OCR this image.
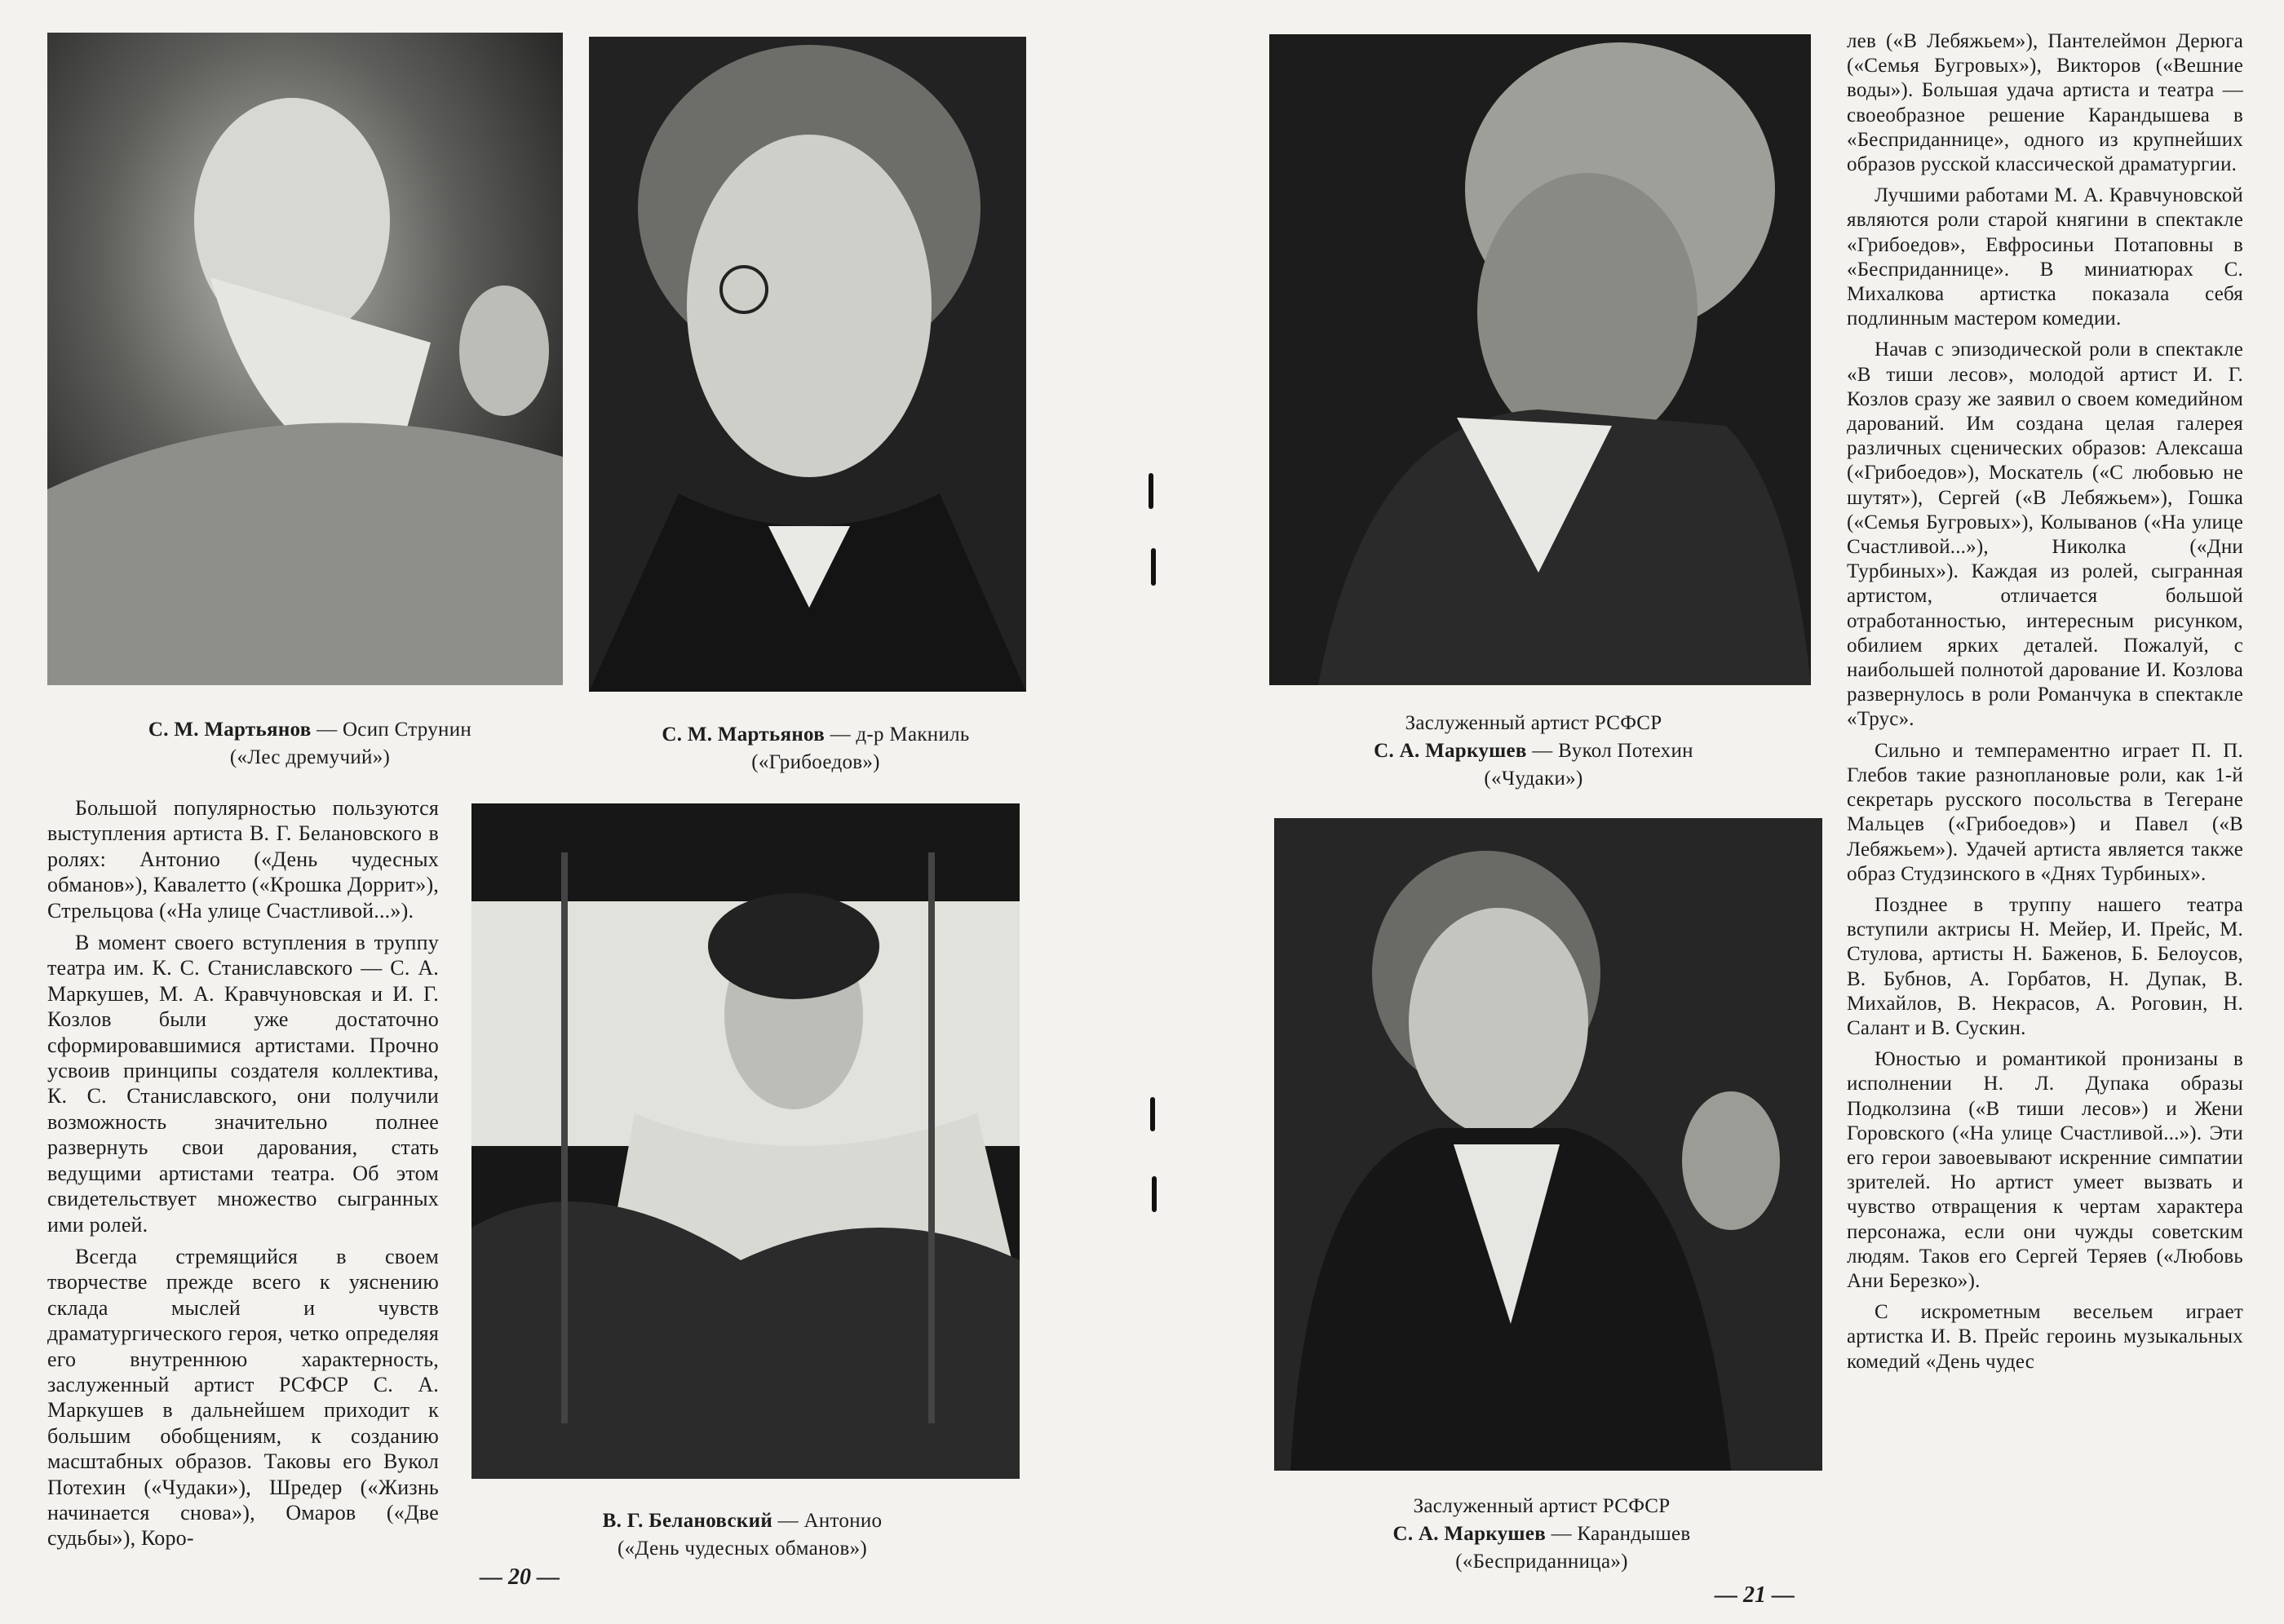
С. М. Мартьянов — Осип Струнин
(«Лес дремучий»)
С. М. Мартьянов — д-р Макниль
(«Грибоедов»)

Большой популярностью пользуются выступления артиста В. Г. Белановского в ролях: Антонио («День чудесных обманов»), Кавалетто («Крошка Доррит»), Стрельцова («На улице Счастливой...»).

В момент своего вступления в труппу театра им. К. С. Станиславского — С. А. Маркушев, М. А. Кравчуновская и И. Г. Козлов были уже достаточно сформировавшимися артистами. Прочно усвоив принципы создателя коллектива, К. С. Станиславского, они получили возможность значительно полнее развернуть свои дарования, стать ведущими артистами театра. Об этом свидетельствует множество сыгранных ими ролей.

Всегда стремящийся в своем творчестве прежде всего к уяснению склада мыслей и чувств драматургического героя, четко определяя его внутреннюю характерность, заслуженный артист РСФСР С. А. Маркушев в дальнейшем приходит к большим обобщениям, к созданию масштабных образов. Таковы его Вукол Потехин («Чудаки»), Шредер («Жизнь начинается снова»), Омаров («Две судьбы»), Коро-

В. Г. Белановский — Антонио
(«День чудесных обманов»)
— 20 —
Заслуженный артист РСФСР
С. А. Маркушев — Вукол Потехин
(«Чудаки»)
Заслуженный артист РСФСР
С. А. Маркушев — Карандышев
(«Бесприданница»)

лев («В Лебяжьем»), Пантелеймон Дерюга («Семья Бугровых»), Викторов («Вешние воды»). Большая удача артиста и театра — своеобразное решение Карандышева в «Бесприданнице», одного из крупнейших образов русской классической драматургии.

Лучшими работами М. А. Кравчуновской являются роли старой княгини в спектакле «Грибоедов», Евфросиньи Потаповны в «Бесприданнице». В миниатюрах С. Михалкова артистка показала себя подлинным мастером комедии.

Начав с эпизодической роли в спектакле «В тиши лесов», молодой артист И. Г. Козлов сразу же заявил о своем комедийном дарований. Им создана целая галерея различных сценических образов: Алексаша («Грибоедов»), Москатель («С любовью не шутят»), Сергей («В Лебяжьем»), Гошка («Семья Бугровых»), Колыванов («На улице Счастливой...»), Николка («Дни Турбиных»). Каждая из ролей, сыгранная артистом, отличается большой отработанностью, интересным рисунком, обилием ярких деталей. Пожалуй, с наибольшей полнотой дарование И. Козлова развернулось в роли Романчука в спектакле «Трус».

Сильно и темпераментно играет П. П. Глебов такие разноплановые роли, как 1-й секретарь русского посольства в Тегеране Мальцев («Грибоедов») и Павел («В Лебяжьем»). Удачей артиста является также образ Студзинского в «Днях Турбиных».

Позднее в труппу нашего театра вступили актрисы Н. Мейер, И. Прейс, М. Стулова, артисты Н. Баженов, Б. Белоусов, В. Бубнов, А. Горбатов, Н. Дупак, В. Михайлов, В. Некрасов, А. Роговин, Н. Салант и В. Сускин.

Юностью и романтикой пронизаны в исполнении Н. Л. Дупака образы Подколзина («В тиши лесов») и Жени Горовского («На улице Счастливой...»). Эти его герои завоевывают искренние симпатии зрителей. Но артист умеет вызвать и чувство отвращения к чертам характера персонажа, если они чужды советским людям. Таков его Сергей Теряев («Любовь Ани Березко»).

С искрометным весельем играет артистка И. В. Прейс героинь музыкальных комедий «День чудес

— 21 —
